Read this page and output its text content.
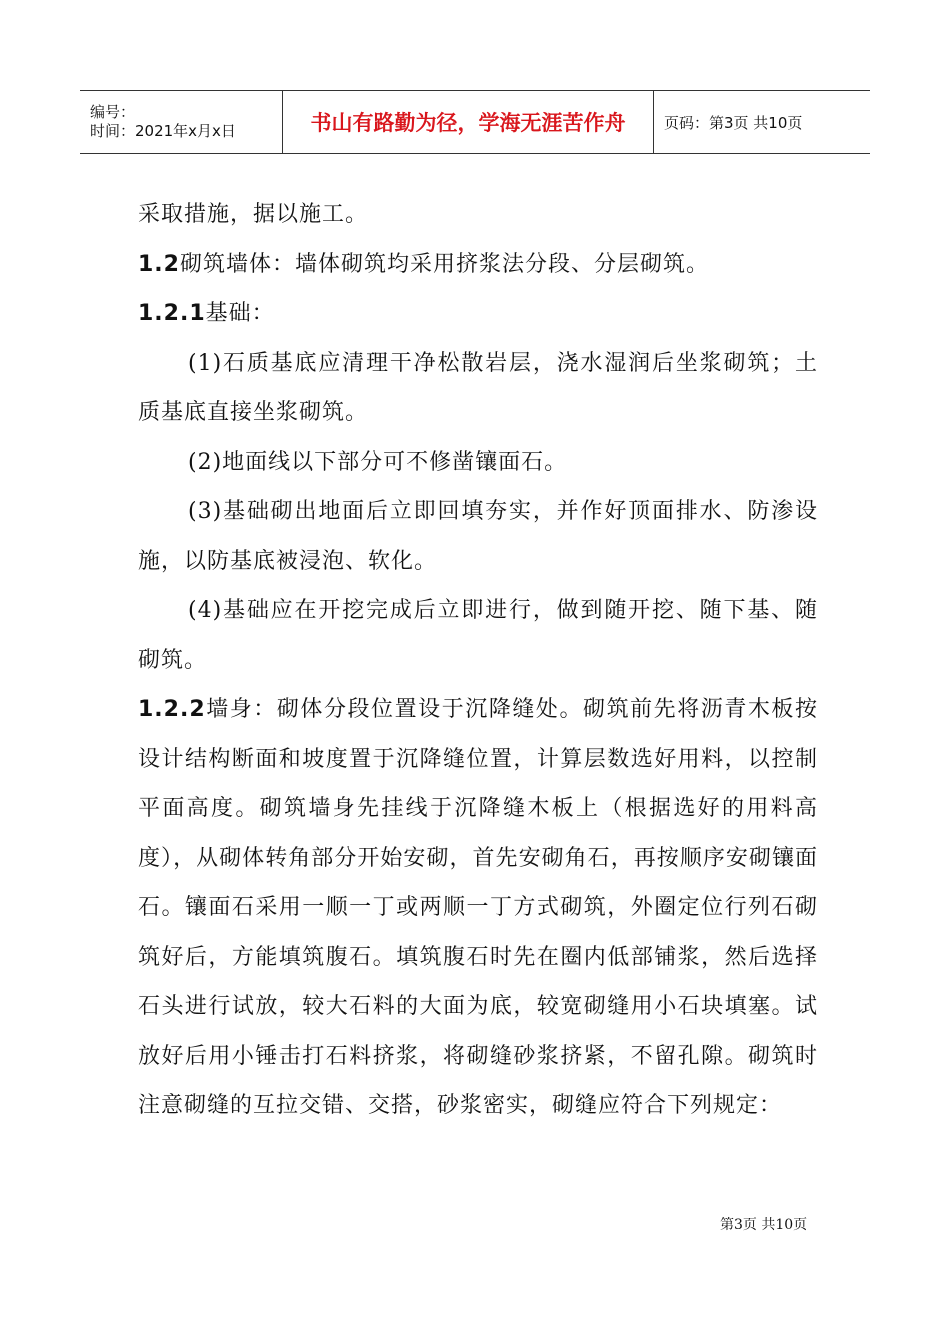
编号：
时间：2021年x月x日	书山有路勤为径，学海无涯苦作舟	页码：第3页 共10页

采取措施，据以施工。

1.2砌筑墙体：墙体砌筑均采用挤浆法分段、分层砌筑。

1.2.1基础：

(1)石质基底应清理干净松散岩层，浇水湿润后坐浆砌筑；土质基底直接坐浆砌筑。

(2)地面线以下部分可不修凿镶面石。

(3)基础砌出地面后立即回填夯实，并作好顶面排水、防渗设施，以防基底被浸泡、软化。

(4)基础应在开挖完成后立即进行，做到随开挖、随下基、随砌筑。

1.2.2墙身：砌体分段位置设于沉降缝处。砌筑前先将沥青木板按设计结构断面和坡度置于沉降缝位置，计算层数选好用料，以控制平面高度。砌筑墙身先挂线于沉降缝木板上（根据选好的用料高度），从砌体转角部分开始安砌，首先安砌角石，再按顺序安砌镶面石。镶面石采用一顺一丁或两顺一丁方式砌筑，外圈定位行列石砌筑好后，方能填筑腹石。填筑腹石时先在圈内低部铺浆，然后选择石头进行试放，较大石料的大面为底，较宽砌缝用小石块填塞。试放好后用小锤击打石料挤浆，将砌缝砂浆挤紧，不留孔隙。砌筑时注意砌缝的互拉交错、交搭，砂浆密实，砌缝应符合下列规定：

第3页 共10页
